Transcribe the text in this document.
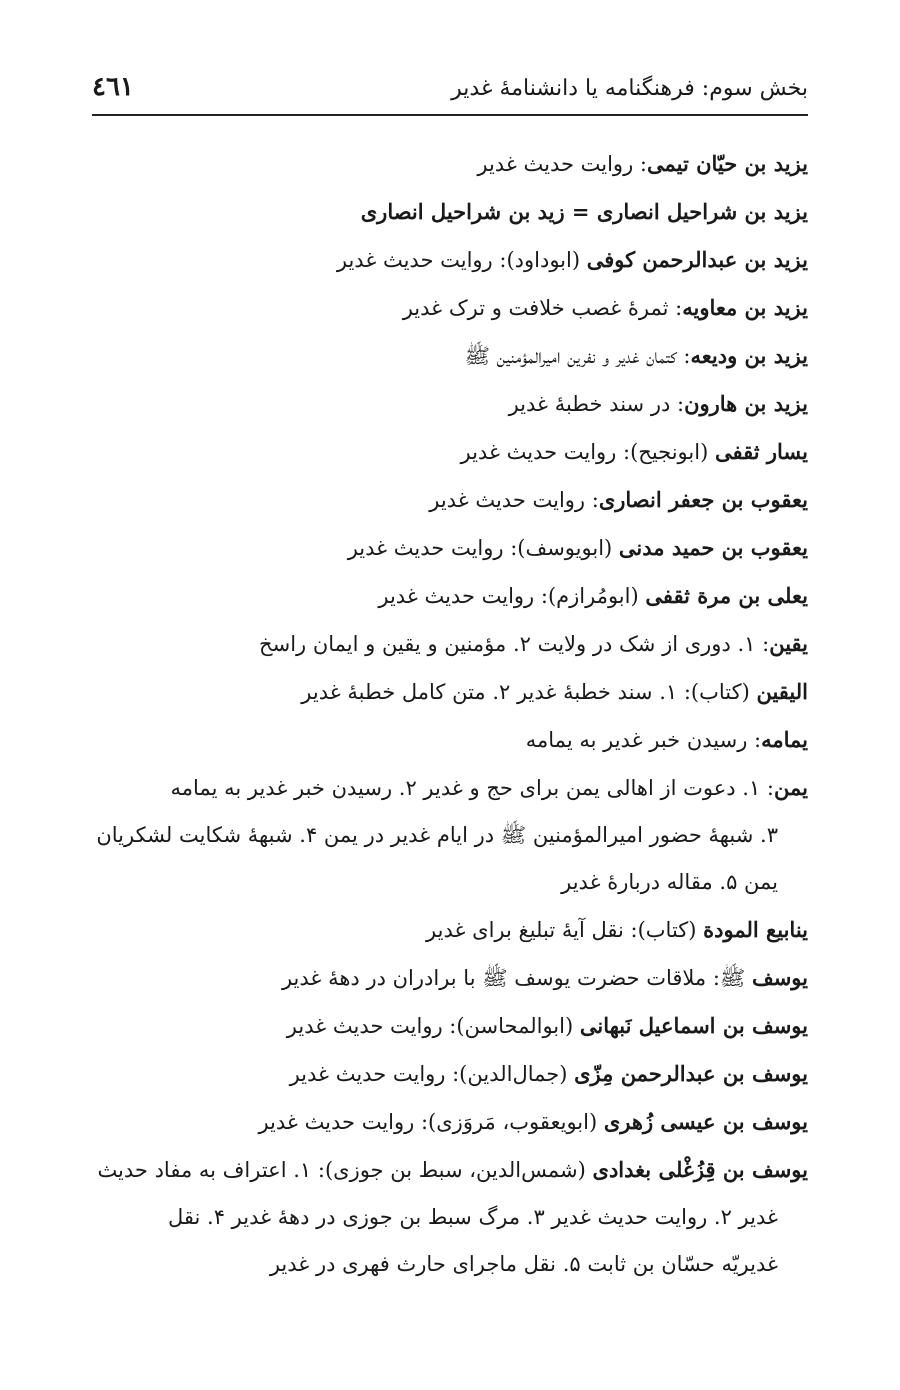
بخش سوم: فرهنگنامه یا دانشنامهٔ غدیر
٤٦١
یزید بن حیّان تیمی: روایت حدیث غدیر
یزید بن شراحیل انصاری = زید بن شراحیل انصاری
یزید بن عبدالرحمن کوفی (ابوداود): روایت حدیث غدیر
یزید بن معاویه: ثمرهٔ غصب خلافت و ترک غدیر
یزید بن ودیعه: کتمان غدیر و نفرین امیرالمؤمنین ﷺ
یزید بن هارون: در سند خطبهٔ غدیر
یسار ثقفی (ابونجیح): روایت حدیث غدیر
یعقوب بن جعفر انصاری: روایت حدیث غدیر
یعقوب بن حمید مدنی (ابویوسف): روایت حدیث غدیر
یعلی بن مرة ثقفی (ابومُرازم): روایت حدیث غدیر
یقین: ۱. دوری از شک در ولایت ۲. مؤمنین و یقین و ایمان راسخ
الیقین (کتاب): ۱. سند خطبهٔ غدیر ۲. متن کامل خطبهٔ غدیر
یمامه: رسیدن خبر غدیر به یمامه
یمن: ۱. دعوت از اهالی یمن برای حج و غدیر ۲. رسیدن خبر غدیر به یمامه
۳. شبههٔ حضور امیرالمؤمنین ﷺ در ایام غدیر در یمن ۴. شبههٔ شکایت لشکریان
یمن ۵. مقاله دربارهٔ غدیر
ینابیع المودة (کتاب): نقل آیهٔ تبلیغ برای غدیر
یوسف ﷺ: ملاقات حضرت یوسف ﷺ با برادران در دههٔ غدیر
یوسف بن اسماعیل نَبهانی (ابوالمحاسن): روایت حدیث غدیر
یوسف بن عبدالرحمن مِزّی (جمال‌الدین): روایت حدیث غدیر
یوسف بن عیسی زُهری (ابویعقوب، مَروَزی): روایت حدیث غدیر
یوسف بن قِزُغْلی بغدادی (شمس‌الدین، سبط بن جوزی): ۱. اعتراف به مفاد حدیث
غدیر ۲. روایت حدیث غدیر ۳. مرگ سبط بن جوزی در دههٔ غدیر ۴. نقل
غدیریّه حسّان بن ثابت ۵. نقل ماجرای حارث فهری در غدیر
